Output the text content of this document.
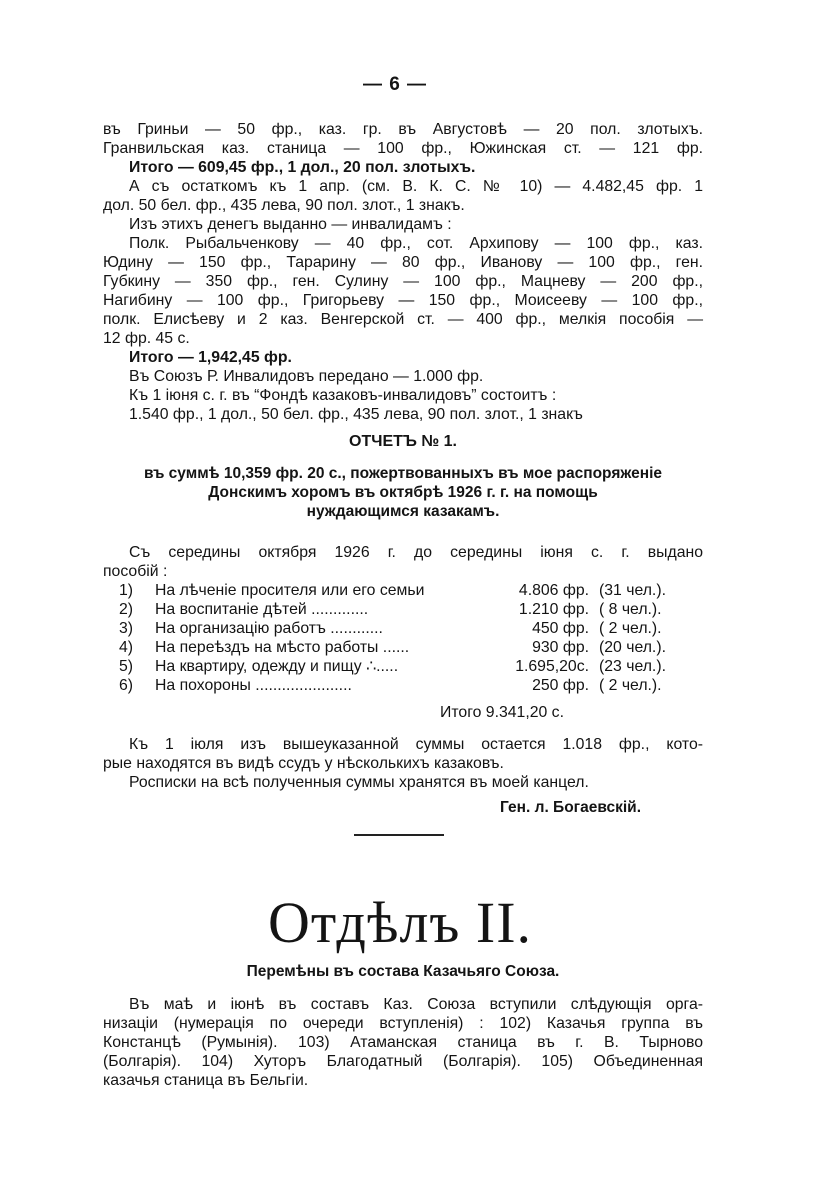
— 6 —
въ Гриньи — 50 фр., каз. гр. въ Августовѣ — 20 пол. злотыхъ.
Гранвильская каз. станица — 100 фр., Южинская ст. — 121 фр.
Итого — 609,45 фр., 1 дол., 20 пол. злотыхъ.
А съ остаткомъ къ 1 апр. (см. В. К. С. № 10) — 4.482,45 фр. 1
дол. 50 бел. фр., 435 лева, 90 пол. злот., 1 знакъ.
Изъ этихъ денегъ выданно — инвалидамъ :
Полк. Рыбальченкову — 40 фр., сот. Архипову — 100 фр., каз.
Юдину — 150 фр., Тарарину — 80 фр., Иванову — 100 фр., ген.
Губкину — 350 фр., ген. Сулину — 100 фр., Мацневу — 200 фр.,
Нагибину — 100 фр., Григорьеву — 150 фр., Моисееву — 100 фр.,
полк. Елисѣеву и 2 каз. Венгерской ст. — 400 фр., мелкія пособія —
12 фр. 45 с.
Итого — 1,942,45 фр.
Въ Союзъ Р. Инвалидовъ передано — 1.000 фр.
Къ 1 іюня с. г. въ “Фондѣ казаковъ-инвалидовъ” состоитъ :
1.540 фр., 1 дол., 50 бел. фр., 435 лева, 90 пол. злот., 1 знакъ
ОТЧЕТЪ № 1.
въ суммѣ 10,359 фр. 20 с., пожертвованныхъ въ мое распоряженіе
Донскимъ хоромъ въ октябрѣ 1926 г. г. на помощь
нуждающимся казакамъ.
Съ середины октября 1926 г. до середины іюня с. г. выдано
пособій :
1) На лѣченіе просителя или его семьи	4.806 фр. (31 чел.).
2) На воспитаніе дѣтей .............	1.210 фр. ( 8 чел.).
3) На организацію работъ ............	450 фр. ( 2 чел.).
4) На переѣздъ на мѣсто работы ......	930 фр. (20 чел.).
5) На квартиру, одежду и пищу ∴.....	1.695,20с. (23 чел.).
6) На похороны ......................	250 фр. ( 2 чел.).
Итого 9.341,20 с.
Къ 1 іюля изъ вышеуказанной суммы остается 1.018 фр., кото-
рые находятся въ видѣ ссудъ у нѣсколькихъ казаковъ.
Росписки на всѣ полученныя суммы хранятся въ моей канцел.
Ген. л. Богаевскій.
Отдѣлъ II.
Перемѣны въ состава Казачьяго Союза.
Въ маѣ и іюнѣ въ составъ Каз. Союза вступили слѣдующія орга-
низаціи (нумерація по очереди вступленія) : 102) Казачья группа въ
Констанцѣ (Румынія). 103) Атаманская станица въ г. В. Тырново
(Болгарія). 104) Хуторъ Благодатный (Болгарія). 105) Объединенная
казачья станица въ Бельгіи.
